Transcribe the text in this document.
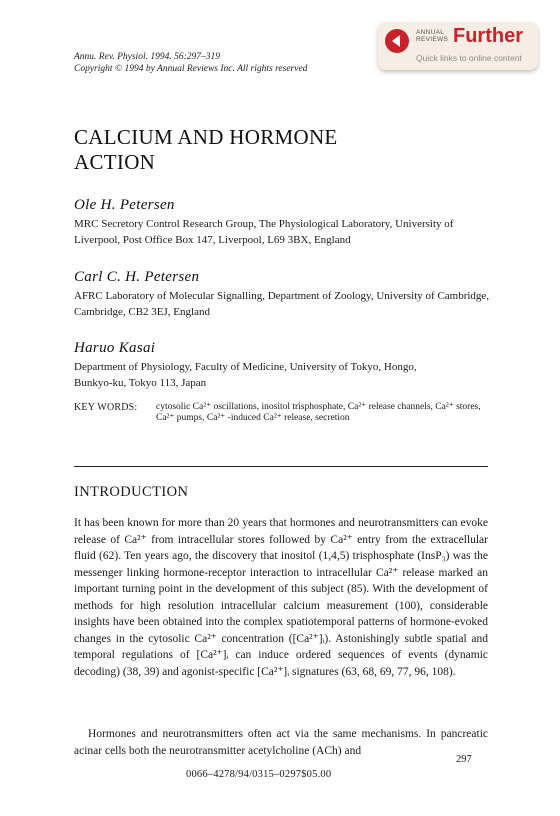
Annu. Rev. Physiol. 1994. 56:297–319
Copyright © 1994 by Annual Reviews Inc. All rights reserved
ANNUAL
REVIEWS Further
Quick links to online content
CALCIUM AND HORMONE ACTION
Ole H. Petersen
MRC Secretory Control Research Group, The Physiological Laboratory, University of Liverpool, Post Office Box 147, Liverpool, L69 3BX, England
Carl C. H. Petersen
AFRC Laboratory of Molecular Signalling, Department of Zoology, University of Cambridge, Cambridge, CB2 3EJ, England
Haruo Kasai
Department of Physiology, Faculty of Medicine, University of Tokyo, Hongo, Bunkyo-ku, Tokyo 113, Japan
KEY WORDS: cytosolic Ca²⁺ oscillations, inositol trisphosphate, Ca²⁺ release channels, Ca²⁺ stores, Ca²⁺ pumps, Ca²⁺ -induced Ca²⁺ release, secretion
INTRODUCTION
It has been known for more than 20 years that hormones and neurotransmitters can evoke release of Ca²⁺ from intracellular stores followed by Ca²⁺ entry from the extracellular fluid (62). Ten years ago, the discovery that inositol (1,4,5) trisphosphate (InsP₃) was the messenger linking hormone-receptor interaction to intracellular Ca²⁺ release marked an important turning point in the development of this subject (85). With the development of methods for high resolution intracellular calcium measurement (100), considerable insights have been obtained into the complex spatiotemporal patterns of hormone-evoked changes in the cytosolic Ca²⁺ concentration ([Ca²⁺]ᵢ). Astonishingly subtle spatial and temporal regulations of [Ca²⁺]ᵢ can induce ordered sequences of events (dynamic decoding) (38, 39) and agonist-specific [Ca²⁺]ᵢ signatures (63, 68, 69, 77, 96, 108).
Hormones and neurotransmitters often act via the same mechanisms. In pancreatic acinar cells both the neurotransmitter acetylcholine (ACh) and
297
0066–4278/94/0315–0297$05.00
